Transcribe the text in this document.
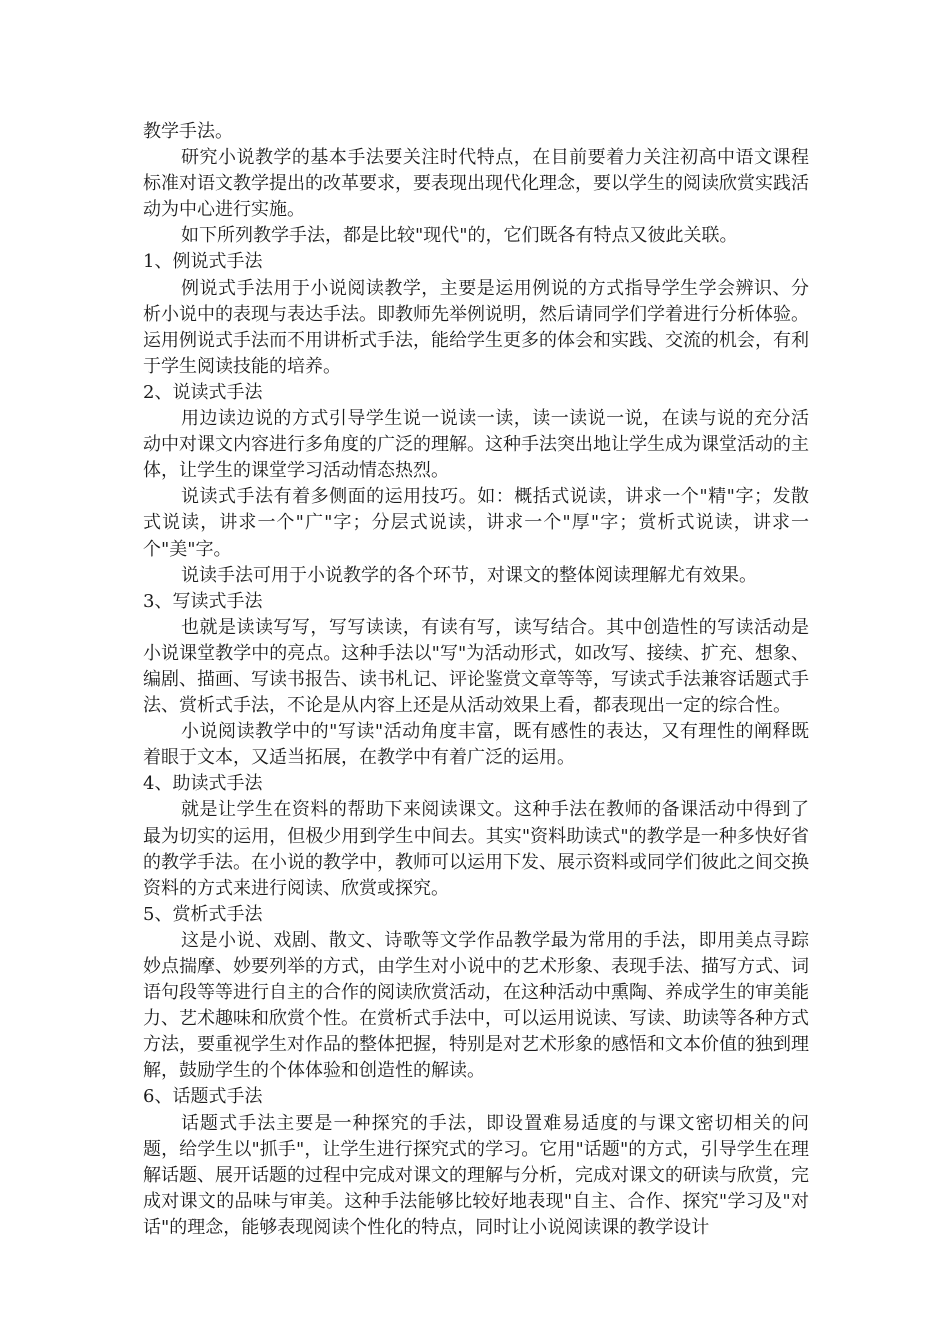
教学手法。

研究小说教学的基本手法要关注时代特点，在目前要着力关注初高中语文课程标准对语文教学提出的改革要求，要表现出现代化理念，要以学生的阅读欣赏实践活动为中心进行实施。

如下所列教学手法，都是比较"现代"的，它们既各有特点又彼此关联。

1、例说式手法

例说式手法用于小说阅读教学，主要是运用例说的方式指导学生学会辨识、分析小说中的表现与表达手法。即教师先举例说明，然后请同学们学着进行分析体验。运用例说式手法而不用讲析式手法，能给学生更多的体会和实践、交流的机会，有利于学生阅读技能的培养。

2、说读式手法

用边读边说的方式引导学生说一说读一读，读一读说一说，在读与说的充分活动中对课文内容进行多角度的广泛的理解。这种手法突出地让学生成为课堂活动的主体，让学生的课堂学习活动情态热烈。

说读式手法有着多侧面的运用技巧。如：概括式说读，讲求一个"精"字；发散式说读，讲求一个"广"字；分层式说读，讲求一个"厚"字；赏析式说读，讲求一个"美"字。

说读手法可用于小说教学的各个环节，对课文的整体阅读理解尤有效果。

3、写读式手法

也就是读读写写，写写读读，有读有写，读写结合。其中创造性的写读活动是小说课堂教学中的亮点。这种手法以"写"为活动形式，如改写、接续、扩充、想象、编剧、描画、写读书报告、读书札记、评论鉴赏文章等等，写读式手法兼容话题式手法、赏析式手法，不论是从内容上还是从活动效果上看，都表现出一定的综合性。

小说阅读教学中的"写读"活动角度丰富，既有感性的表达，又有理性的阐释既着眼于文本，又适当拓展，在教学中有着广泛的运用。

4、助读式手法

就是让学生在资料的帮助下来阅读课文。这种手法在教师的备课活动中得到了最为切实的运用，但极少用到学生中间去。其实"资料助读式"的教学是一种多快好省的教学手法。在小说的教学中，教师可以运用下发、展示资料或同学们彼此之间交换资料的方式来进行阅读、欣赏或探究。

5、赏析式手法

这是小说、戏剧、散文、诗歌等文学作品教学最为常用的手法，即用美点寻踪妙点揣摩、妙要列举的方式，由学生对小说中的艺术形象、表现手法、描写方式、词语句段等等进行自主的合作的阅读欣赏活动，在这种活动中熏陶、养成学生的审美能力、艺术趣味和欣赏个性。在赏析式手法中，可以运用说读、写读、助读等各种方式方法，要重视学生对作品的整体把握，特别是对艺术形象的感悟和文本价值的独到理解，鼓励学生的个体体验和创造性的解读。

6、话题式手法

话题式手法主要是一种探究的手法，即设置难易适度的与课文密切相关的问题，给学生以"抓手"，让学生进行探究式的学习。它用"话题"的方式，引导学生在理解话题、展开话题的过程中完成对课文的理解与分析，完成对课文的研读与欣赏，完成对课文的品味与审美。这种手法能够比较好地表现"自主、合作、探究"学习及"对话"的理念，能够表现阅读个性化的特点，同时让小说阅读课的教学设计
